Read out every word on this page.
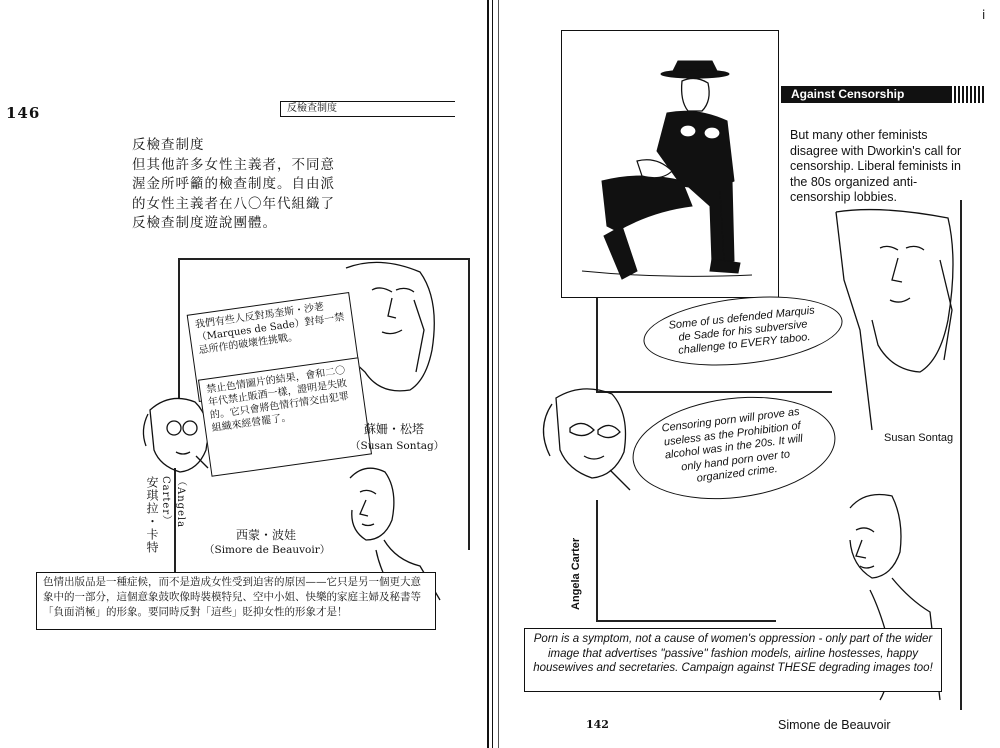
146	反檢查制度
反檢查制度
但其他許多女性主義者，不同意
渥金所呼籲的檢查制度。自由派
的女性主義者在八〇年代組織了
反檢查制度遊說團體。
我們有些人反對馬奎斯・沙荖（Marques de Sade）對每一禁忌所作的破壞性挑戰。
禁止色情圖片的結果，會和二〇年代禁止販酒一樣，證明是失敗的。它只會將色情行情交由犯罪組織來經營罷了。	蘇姍・松塔
（Susan Sontag）
西蒙・波娃
（Simore de Beauvoir）
安琪拉・卡特	（Angela Carter）
色情出版品是一種症候，而不是造成女性受到迫害的原因——它只是另一個更大意象中的一部分，這個意象鼓吹像時裝模特兒、空中小姐、快樂的家庭主婦及秘書等「負面消極」的形象。要同時反對「這些」貶抑女性的形象才是！
i
Against Censorship
But many other feminists disagree with Dworkin's call for censorship. Liberal feminists in the 80s organized anti-censorship lobbies.
Some of us defended Marquis de Sade for his subversive challenge to EVERY taboo.
Censoring porn will prove as useless as the Prohibition of alcohol was in the 20s. It will only hand porn over to organized crime.
Susan Sontag
Angela Carter
Porn is a symptom, not a cause of women's oppression - only part of the wider image that advertises "passive" fashion models, airline hostesses, happy housewives and secretaries. Campaign against THESE degrading images too!
142	Simone de Beauvoir
